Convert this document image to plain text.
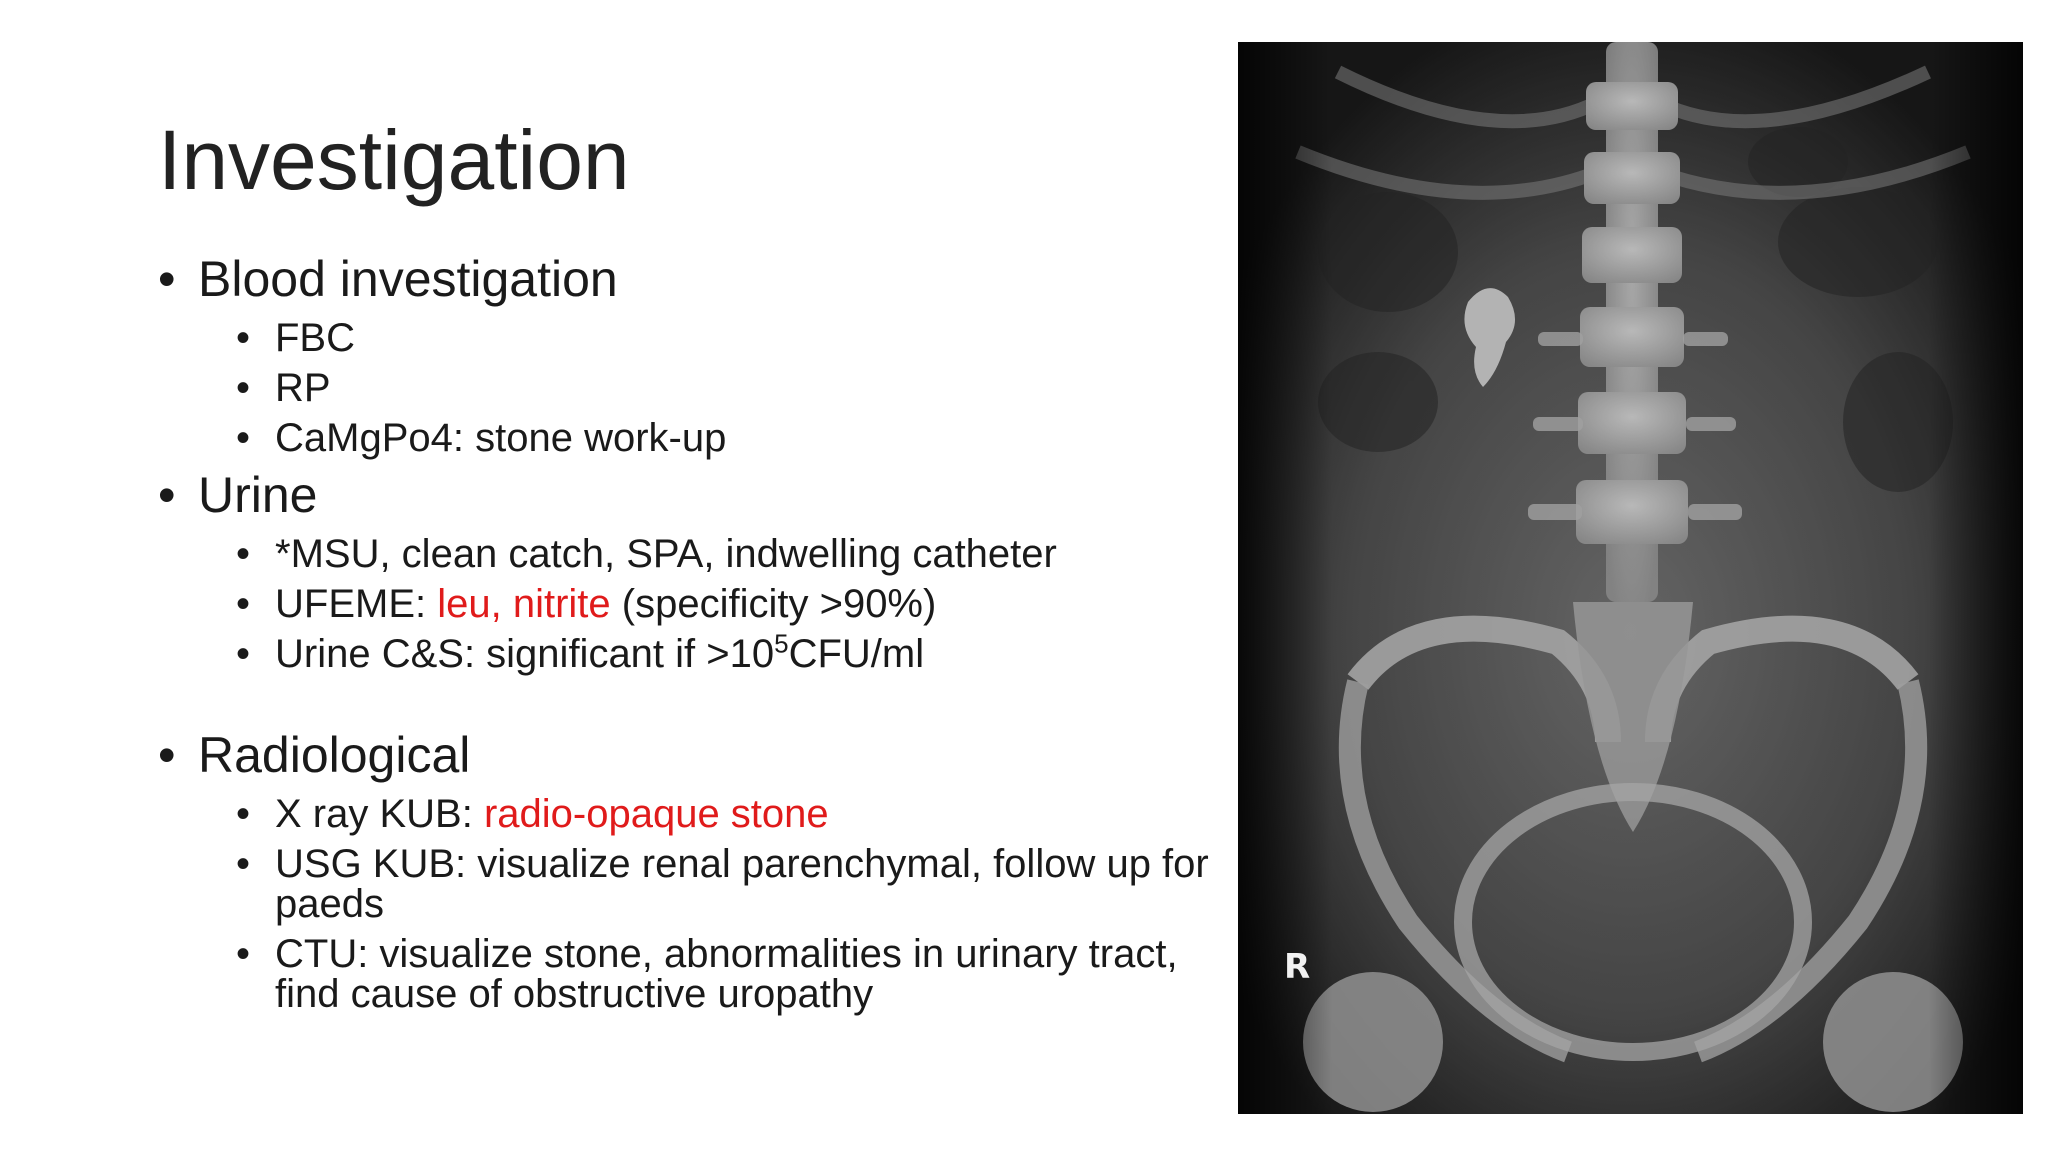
Investigation
• Blood investigation
• FBC
• RP
• CaMgPo4: stone work-up
• Urine
• *MSU, clean catch, SPA, indwelling catheter
• UFEME: leu, nitrite (specificity >90%)
• Urine C&S: significant if $>10^5CFU/ml$
• Radiological
• X ray KUB: radio-opaque stone
• USG KUB: visualize renal parenchymal, follow up for paeds
• CTU: visualize stone, abnormalities in urinary tract, find cause of obstructive uropathy
R
